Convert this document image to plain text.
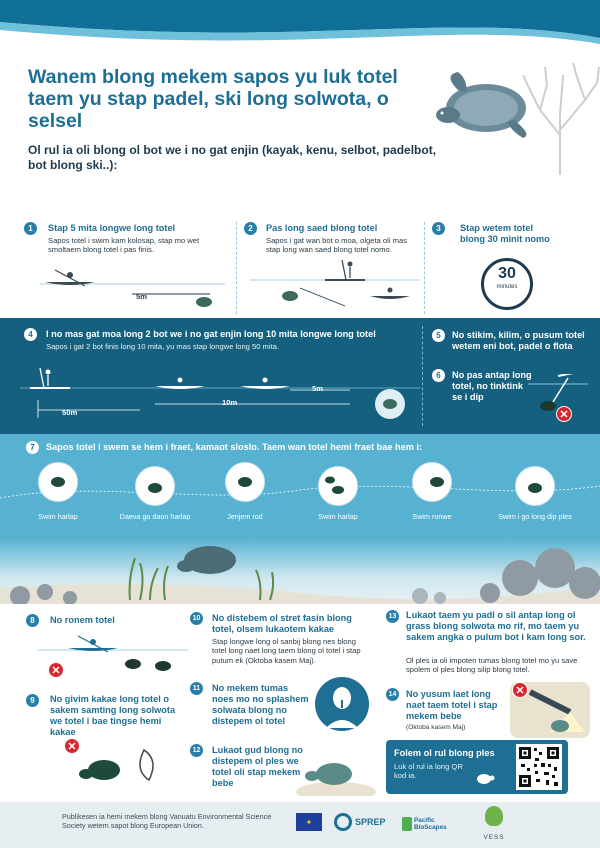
Wanem blong mekem sapos yu luk totel taem yu stap padel, ski long solwota, o selsel
Ol rul ia oli blong ol bot we i no gat enjin (kayak, kenu, selbot, padelbot, bot blong ski..):
1	Stap 5 mita longwe long totel
Sapos totel i swim kam kolosap, stap mo wet smoltaem blong totel i pas finis.
5m
2	Pas long saed blong totel
Sapos i gat wan bot o moa, olgeta oli mas stap long wan saed blong totel nomo.
3	Stap wetem totel blong 30 minit nomo
30
minutes
4	I no mas gat moa long 2 bot we i no gat enjin long 10 mita longwe long totel
Sapos i gat 2 bot finis long 10 mita, yu mas stap longwe long 50 mita.
50m
10m
5m
5	No stikim, kilim, o pusum totel wetem eni bot, padel o flota
6	No pas antap long totel, no tinktink se i dip
✕
7	Sapos totel i swem se hem i fraet, kamaot sloslo. Taem wan totel hemi fraet bae hem i:
Swim harlap	Daeva go daon harlap	Jenjem rod	Swim harlap	Swim ronwe	Swim i go long dip ples
8	No ronem totel
✕
9	No givim kakae long totel o sakem samting long solwota we totel i bae tingse hemi kakae
✕
10 No distebem ol stret fasin blong totel, olsem lukaotem kakae
Stap longwe long ol sanbij blong nes blong totel long naet long taem blong ol totel i stap putum ek (Oktoba kasem Maj).
11	No mekem tumas noes mo no splashem solwata blong no distepem ol totel
12 Lukaot gud blong no distepem ol ples we totel oli stap mekem bebe
13 Lukaot taem yu padl o sil antap long ol grass blong solwota mo rif, mo taem yu sakem angka o pulum bot i kam long sor.
Ol ples ia oli impoten tumas blong totel mo yu save spolem ol ples blong silip blong totel.
14 No yusum laet long naet taem totel i stap mekem bebe
(Oktoba kasem Maj)
✕
Folem ol rul blong ples
Luk ol rul ia long QR kod ia.
Publikesen ia hemi mekem blong Vanuatu Environmental Science Society wetem sapot blong European Union.	✦	SPREP	Pacific BioScapes
VESS
